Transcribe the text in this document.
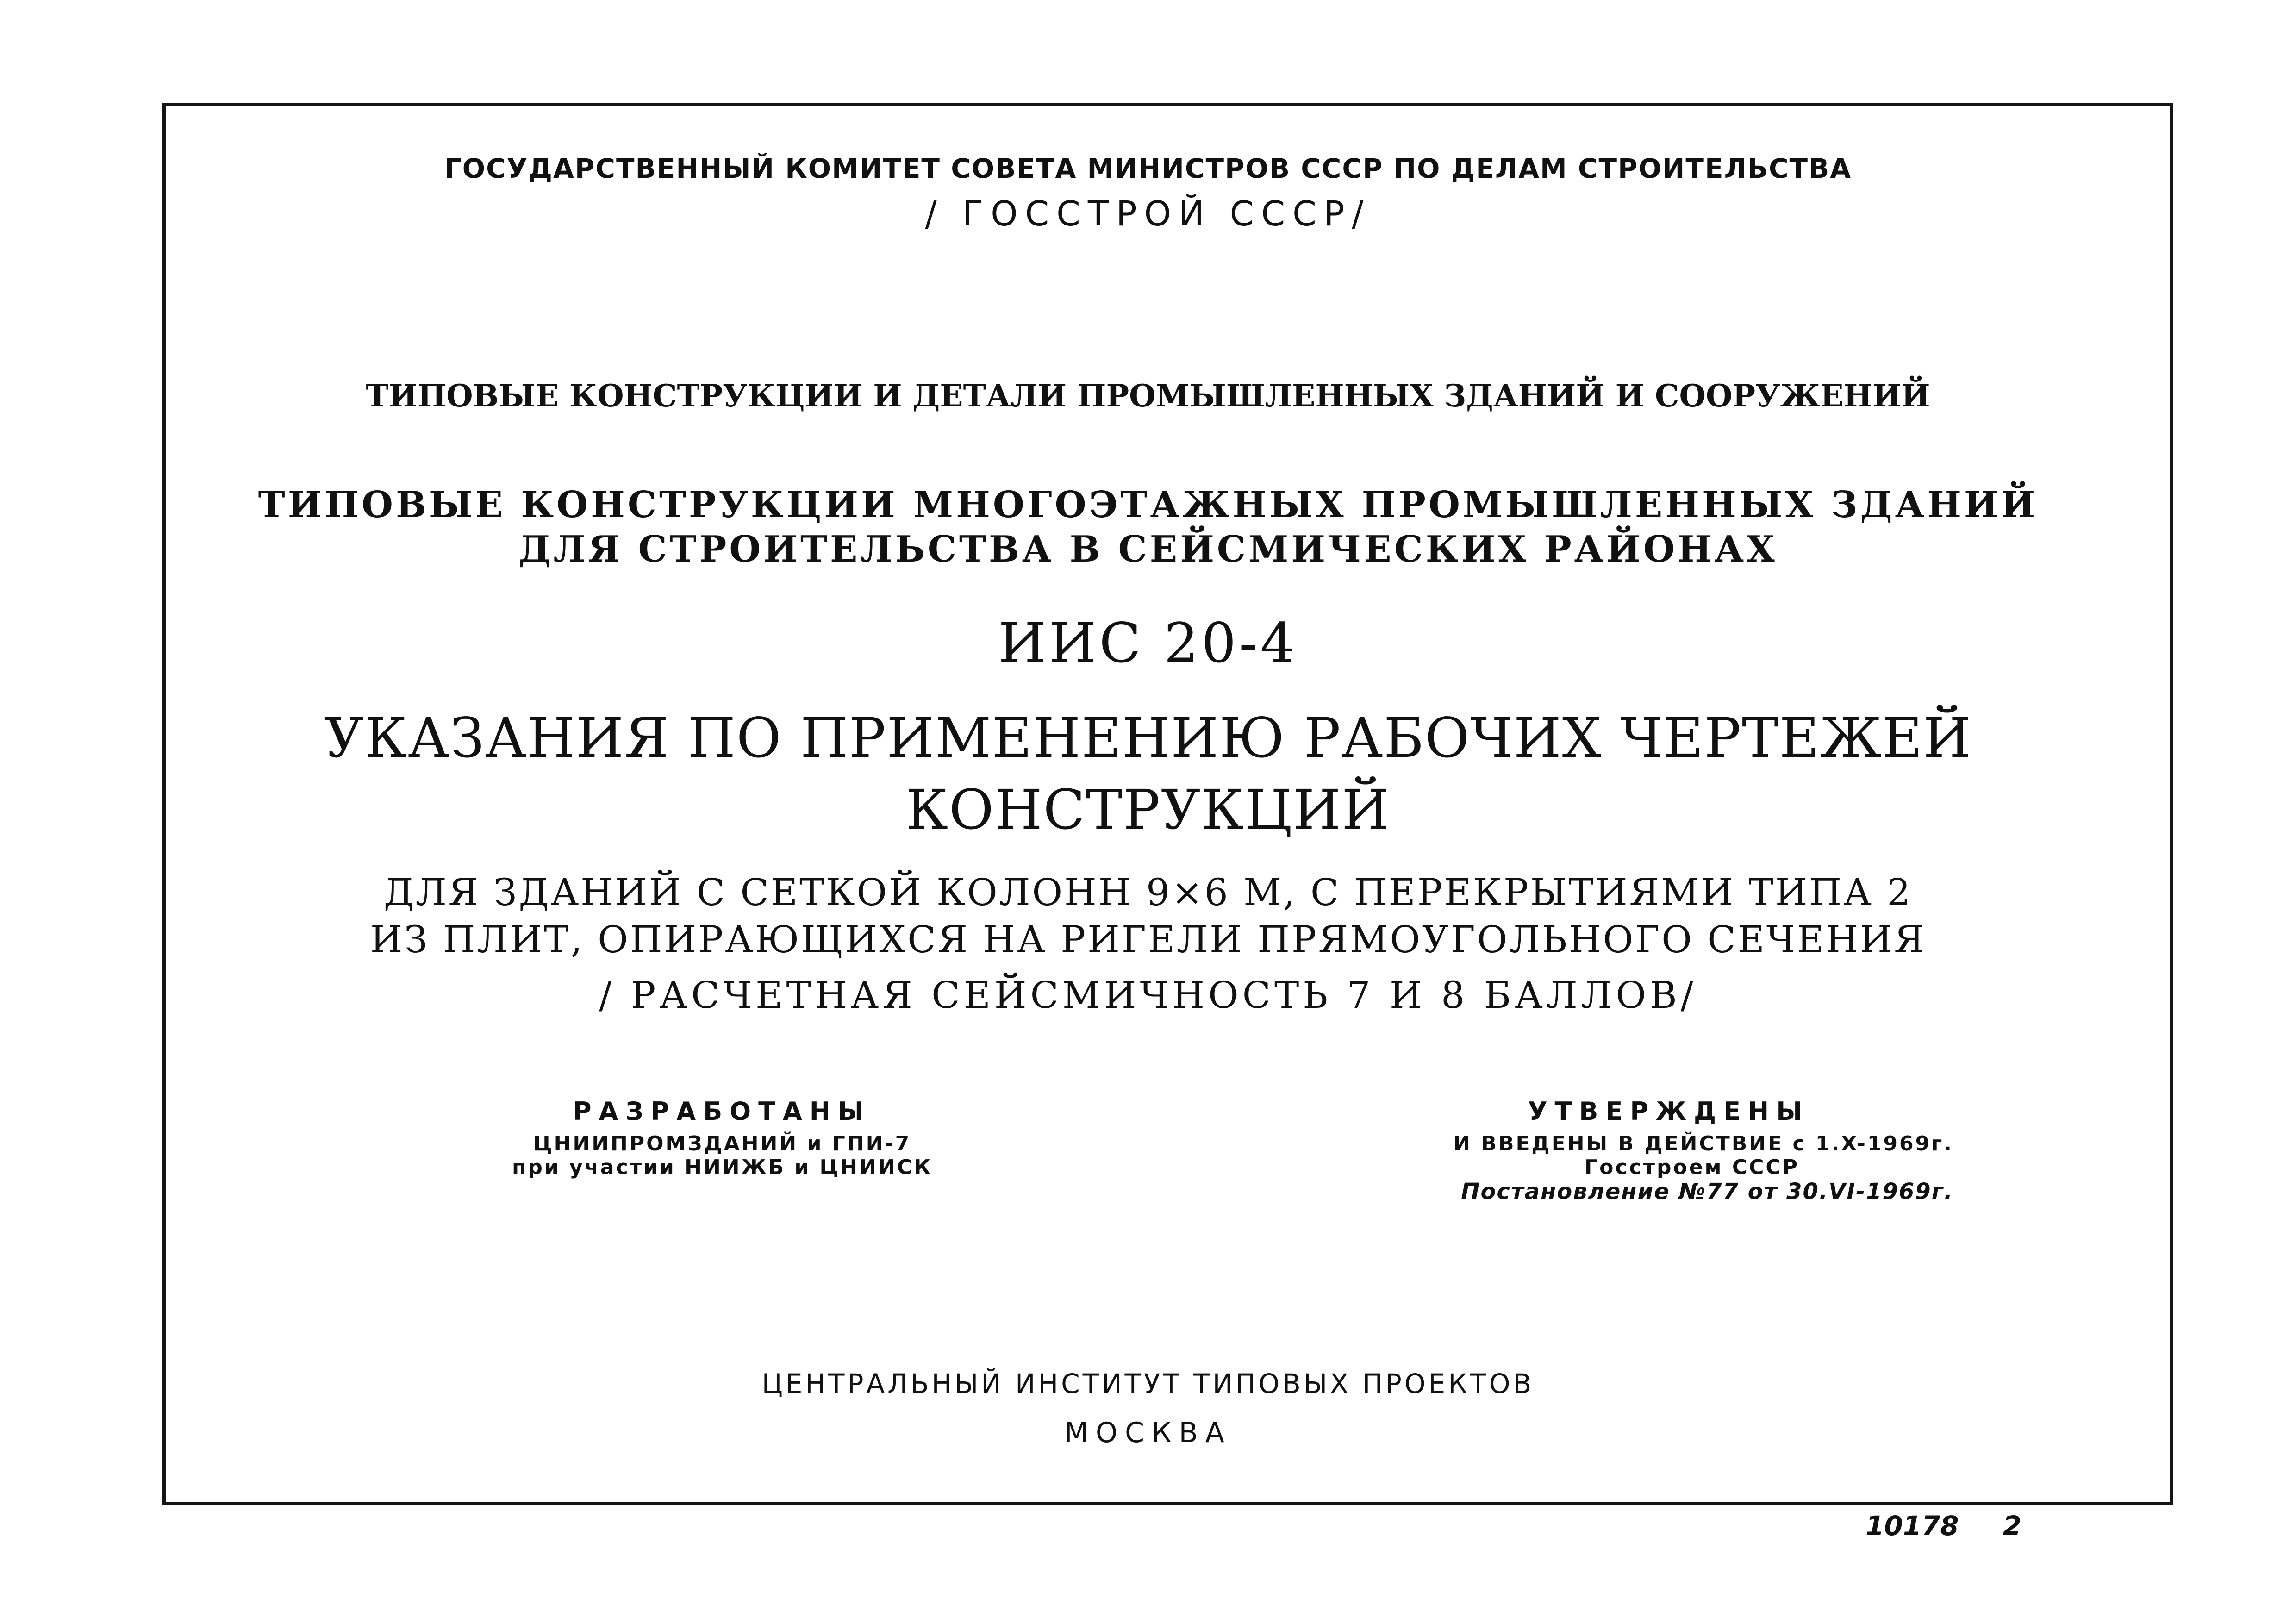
ГОСУДАРСТВЕННЫЙ КОМИТЕТ СОВЕТА МИНИСТРОВ СССР ПО ДЕЛАМ СТРОИТЕЛЬСТВА
/ ГОССТРОЙ СССР/
ТИПОВЫЕ КОНСТРУКЦИИ И ДЕТАЛИ ПРОМЫШЛЕННЫХ ЗДАНИЙ И СООРУЖЕНИЙ
ТИПОВЫЕ КОНСТРУКЦИИ МНОГОЭТАЖНЫХ ПРОМЫШЛЕННЫХ ЗДАНИЙ
ДЛЯ СТРОИТЕЛЬСТВА В СЕЙСМИЧЕСКИХ РАЙОНАХ
ИИС 20-4
УКАЗАНИЯ ПО ПРИМЕНЕНИЮ РАБОЧИХ ЧЕРТЕЖЕЙ
КОНСТРУКЦИЙ
ДЛЯ ЗДАНИЙ С СЕТКОЙ КОЛОНН 9×6 М, С ПЕРЕКРЫТИЯМИ ТИПА 2
ИЗ ПЛИТ, ОПИРАЮЩИХСЯ НА РИГЕЛИ ПРЯМОУГОЛЬНОГО СЕЧЕНИЯ
/ РАСЧЕТНАЯ СЕЙСМИЧНОСТЬ 7 И 8 БАЛЛОВ/
РАЗРАБОТАНЫ
ЦНИИПРОМЗДАНИЙ и ГПИ-7
при участии НИИЖБ и ЦНИИСК
УТВЕРЖДЕНЫ
И ВВЕДЕНЫ В ДЕЙСТВИЕ с 1.X-1969г.
Госстроем СССР
Постановление №77 от 30.VI-1969г.
ЦЕНТРАЛЬНЫЙ ИНСТИТУТ ТИПОВЫХ ПРОЕКТОВ
МОСКВА
10178 2
